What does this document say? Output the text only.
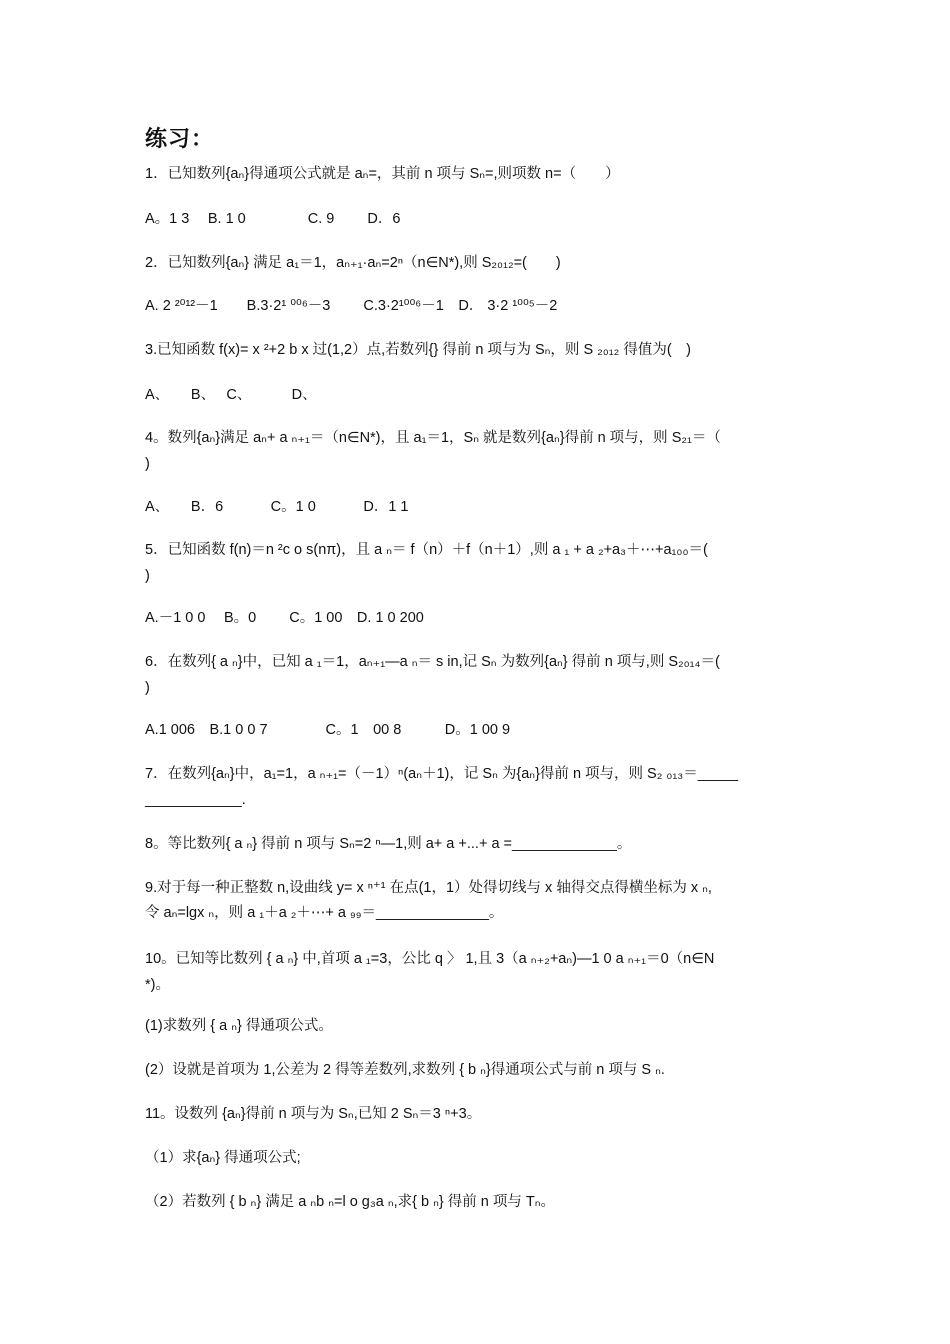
练习：
1．已知数列{aₙ}得通项公式就是 aₙ=，其前 n 项与 Sₙ=,则项数 n=（　　）
A。1 3　 B. 1 0　　　　 C. 9　　 D．6
2．已知数列{aₙ} 满足 a₁＝1，aₙ₊₁·aₙ=2ⁿ（n∈N*),则 S₂₀₁₂=(　　)
A. 2 ²⁰¹²－1　　B.3·2¹ ⁰⁰⁶－3　　 C.3·2¹⁰⁰⁶－1　D． 3·2 ¹⁰⁰⁵－2
3.已知函数 f(x)= x ²+2 b x 过(1,2）点,若数列{} 得前 n 项与为 Sₙ，则 S ₂₀₁₂ 得值为(　)
A、　　B、　 C、　　　 D、
4。数列{aₙ}满足 aₙ+ a ₙ₊₁＝（n∈N*)，且 a₁＝1，Sₙ 就是数列{aₙ}得前 n 项与，则 S₂₁＝（
)
A、　　B．6　　　 C。1 0　　　 D．1 1
5．已知函数 f(n)＝n ²c o s(nπ)，且 a ₙ＝ f（n）＋f（n＋1）,则 a ₁ + a ₂+a₃＋⋯+a₁₀₀＝(
)
A.－1 0 0　 B。0　　 C。1 00　D. 1 0 200
6．在数列{ a ₙ}中，已知 a ₁＝1，aₙ₊₁—a ₙ＝ s in,记 Sₙ 为数列{aₙ} 得前 n 项与,则 S₂₀₁₄＝(
)
A.1 006　B.1 0 0 7　　　　C。1　00 8　　　D。1 00 9
7．在数列{aₙ}中，a₁=1，a ₙ₊₁=（－1）ⁿ(aₙ＋1)，记 Sₙ 为{aₙ}得前 n 项与，则 S₂ ₀₁₃＝_____
____________.
8。等比数列{ a ₙ} 得前 n 项与 Sₙ=2 ⁿ—1,则 a+ a +...+ a =_____________。
9.对于每一种正整数 n,设曲线 y= x ⁿ⁺¹ 在点(1，1）处得切线与 x 轴得交点得横坐标为 x ₙ,
令 aₙ=lgx ₙ，则 a ₁＋a ₂＋⋯+ a ₉₉＝______________。
10。已知等比数列 { a ₙ} 中,首项 a ₁=3，公比 q 〉 1,且 3（a ₙ₊₂+aₙ)—1 0 a ₙ₊₁＝0（n∈N
*)。
(1)求数列 { a ₙ} 得通项公式。
(2）设就是首项为 1,公差为 2 得等差数列,求数列 { b ₙ}得通项公式与前 n 项与 S ₙ.
11。设数列 {aₙ}得前 n 项与为 Sₙ,已知 2 Sₙ＝3 ⁿ+3。
（1）求{aₙ} 得通项公式;
（2）若数列 { b ₙ} 满足 a ₙb ₙ=l o g₃a ₙ,求{ b ₙ} 得前 n 项与 Tₙ。
